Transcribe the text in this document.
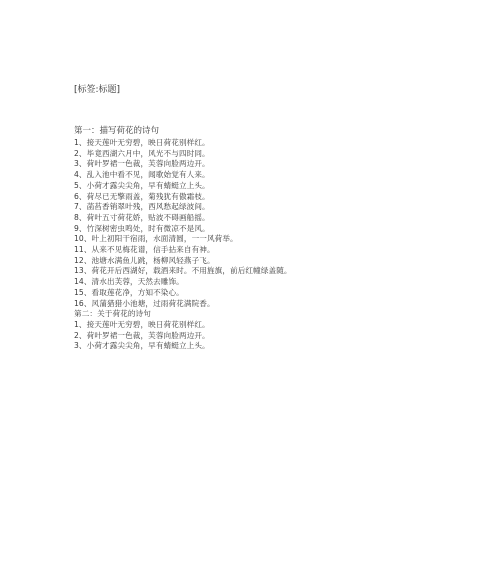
[标签:标题]
第一：描写荷花的诗句
1、接天莲叶无穷碧，映日荷花别样红。
2、毕竟西湖六月中，风光不与四时同。
3、荷叶罗裙一色裁，芙蓉向脸两边开。
4、乱入池中看不见，闻歌始觉有人来。
5、小荷才露尖尖角，早有蜻蜓立上头。
6、荷尽已无擎雨盖，菊残犹有傲霜枝。
7、菡萏香销翠叶残，西风愁起绿波间。
8、荷叶五寸荷花娇，贴波不碍画船摇。
9、竹深树密虫鸣处，时有微凉不是风。
10、叶上初阳干宿雨，水面清圆，一一风荷举。
11、从来不见梅花谱，信手拈来自有神。
12、池塘水满鱼儿跳，杨柳风轻燕子飞。
13、荷花开后西湖好，载酒来时。不用旌旗，前后红幢绿盖随。
14、清水出芙蓉，天然去雕饰。
15、看取莲花净，方知不染心。
16、风蒲猎猎小池塘，过雨荷花满院香。
第二：关于荷花的诗句
1、接天莲叶无穷碧，映日荷花别样红。
2、荷叶罗裙一色裁，芙蓉向脸两边开。
3、小荷才露尖尖角，早有蜻蜓立上头。
